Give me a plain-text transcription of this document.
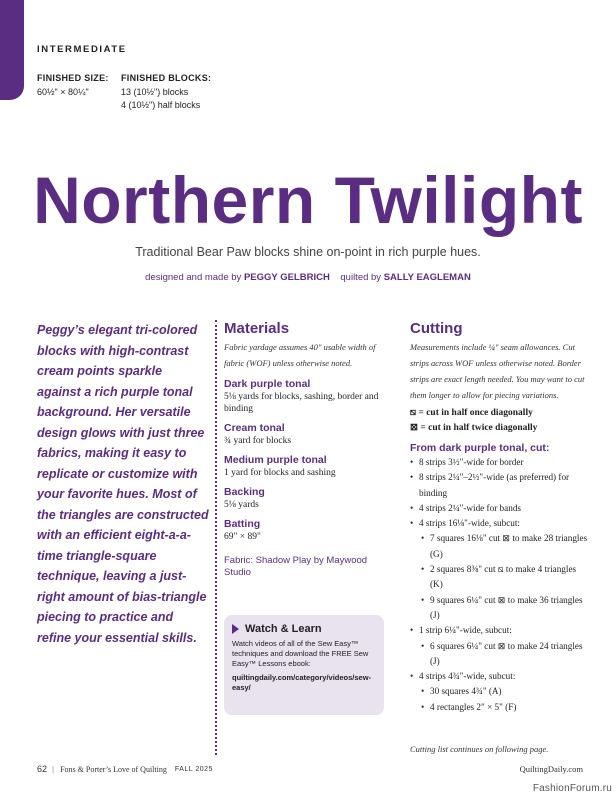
INTERMEDIATE
FINISHED SIZE:
60½" × 80¼"
FINISHED BLOCKS:
13 (10½") blocks
4 (10½") half blocks
Northern Twilight
Traditional Bear Paw blocks shine on-point in rich purple hues.
designed and made by PEGGY GELBRICH quilted by SALLY EAGLEMAN

Peggy’s elegant tri-colored blocks with high-contrast cream points sparkle against a rich purple tonal background. Her versatile design glows with just three fabrics, making it easy to replicate or customize with your favorite hues. Most of the triangles are constructed with an efficient eight-a-a-time triangle-square technique, leaving a just-right amount of bias-triangle piecing to practice and refine your essential skills.

Materials
Fabric yardage assumes 40" usable width of fabric (WOF) unless otherwise noted.
Dark purple tonal
5⅛ yards for blocks, sashing, border and binding
Cream tonal
¾ yard for blocks
Medium purple tonal
1 yard for blocks and sashing
Backing
5⅛ yards
Batting
69" × 89"
Fabric: Shadow Play by Maywood Studio
Watch & Learn
Watch videos of all of the Sew Easy™ techniques and download the FREE Sew Easy™ Lessons ebook:
quiltingdaily.com/category/videos/sew-easy/
Cutting
Measurements include ¼" seam allowances. Cut strips across WOF unless otherwise noted. Border strips are exact length needed. You may want to cut them longer to allow for piecing variations.
⧅ = cut in half once diagonally
⊠ = cut in half twice diagonally
From dark purple tonal, cut:
• 8 strips 3½"-wide for border
• 8 strips 2¼"–2½"-wide (as preferred) for binding
• 4 strips 2¼"-wide for bands
• 4 strips 16⅛"-wide, subcut:
• 7 squares 16⅛" cut ⊠ to make 28 triangles (G)
• 2 squares 8⅜" cut ⧅ to make 4 triangles (K)
• 9 squares 6¼" cut ⊠ to make 36 triangles (J)
• 1 strip 6¼"-wide, subcut:
• 6 squares 6¼" cut ⊠ to make 24 triangles (J)
• 4 strips 4¾"-wide, subcut:
• 30 squares 4¾" (A)
• 4 rectangles 2" × 5" (F)
Cutting list continues on following page.
62 | Fons & Porter’s Love of Quilting FALL 2025	QuiltingDaily.com
FashionForum.ru
